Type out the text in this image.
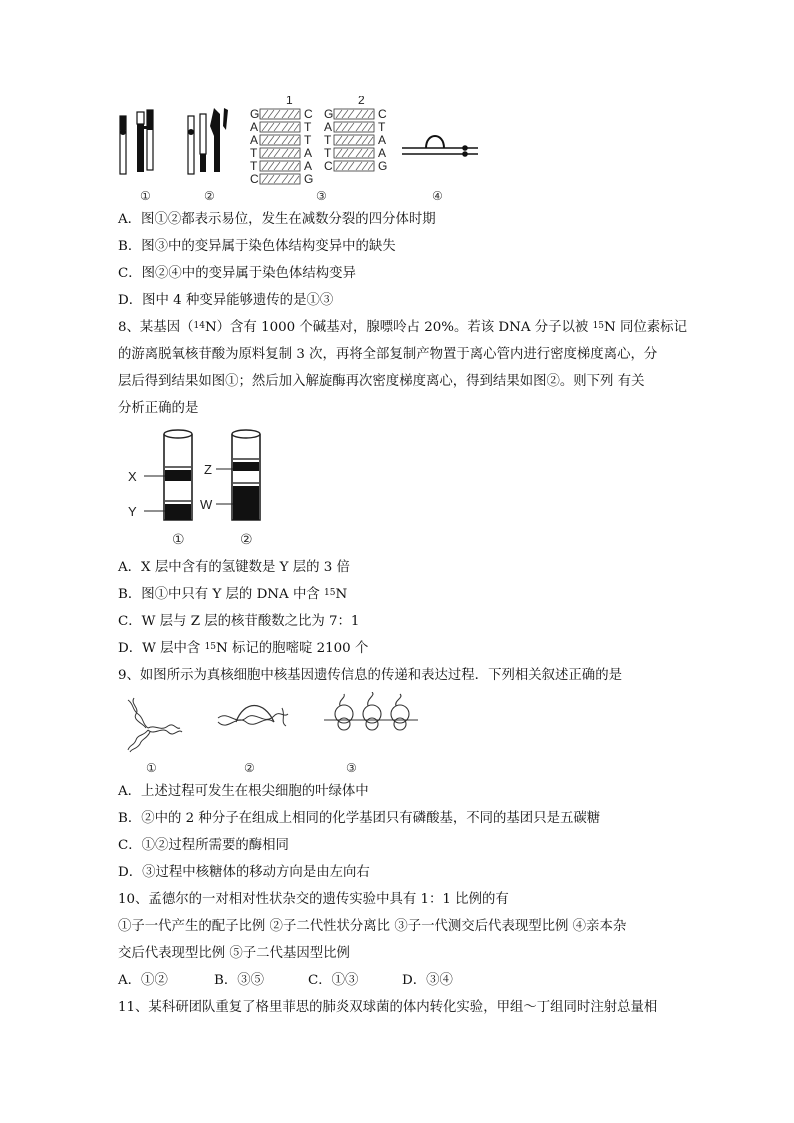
①	②
1
G
A
A
T
T
C
C
T
T
A
A
G
2
G
A
T
T
C
C
T
A
A
G
③	④
A．图①②都表示易位，发生在减数分裂的四分体时期
B．图③中的变异属于染色体结构变异中的缺失
C．图②④中的变异属于染色体结构变异
D．图中 4 种变异能够遗传的是①③
8、某基因（$^{14}$N）含有 1000 个碱基对，腺嘌呤占 20%。若该 DNA 分子以被 $^{15}$N 同位素标记
的游离脱氧核苷酸为原料复制 3 次，再将全部复制产物置于离心管内进行密度梯度离心，分
层后得到结果如图①；然后加入解旋酶再次密度梯度离心，得到结果如图②。则下列 有关
分析正确的是
X
Y
Z
W
①	②
A．X 层中含有的氢键数是 Y 层的 3 倍
B．图①中只有 Y 层的 DNA 中含 $^{15}$N
C．W 层与 Z 层的核苷酸数之比为 7：1
D．W 层中含 $^{15}$N 标记的胞嘧啶 2100 个
9、如图所示为真核细胞中核基因遗传信息的传递和表达过程．下列相关叙述正确的是
①	②	③
A．上述过程可发生在根尖细胞的叶绿体中
B．②中的 2 种分子在组成上相同的化学基团只有磷酸基，不同的基团只是五碳糖
C．①②过程所需要的酶相同
D．③过程中核糖体的移动方向是由左向右
10、孟德尔的一对相对性状杂交的遗传实验中具有 1：1 比例的有
①子一代产生的配子比例 ②子二代性状分离比 ③子一代测交后代表现型比例 ④亲本杂
交后代表现型比例 ⑤子二代基因型比例
A．①②	B．③⑤	C．①③	D．③④
11、某科研团队重复了格里菲思的肺炎双球菌的体内转化实验，甲组～丁组同时注射总量相
